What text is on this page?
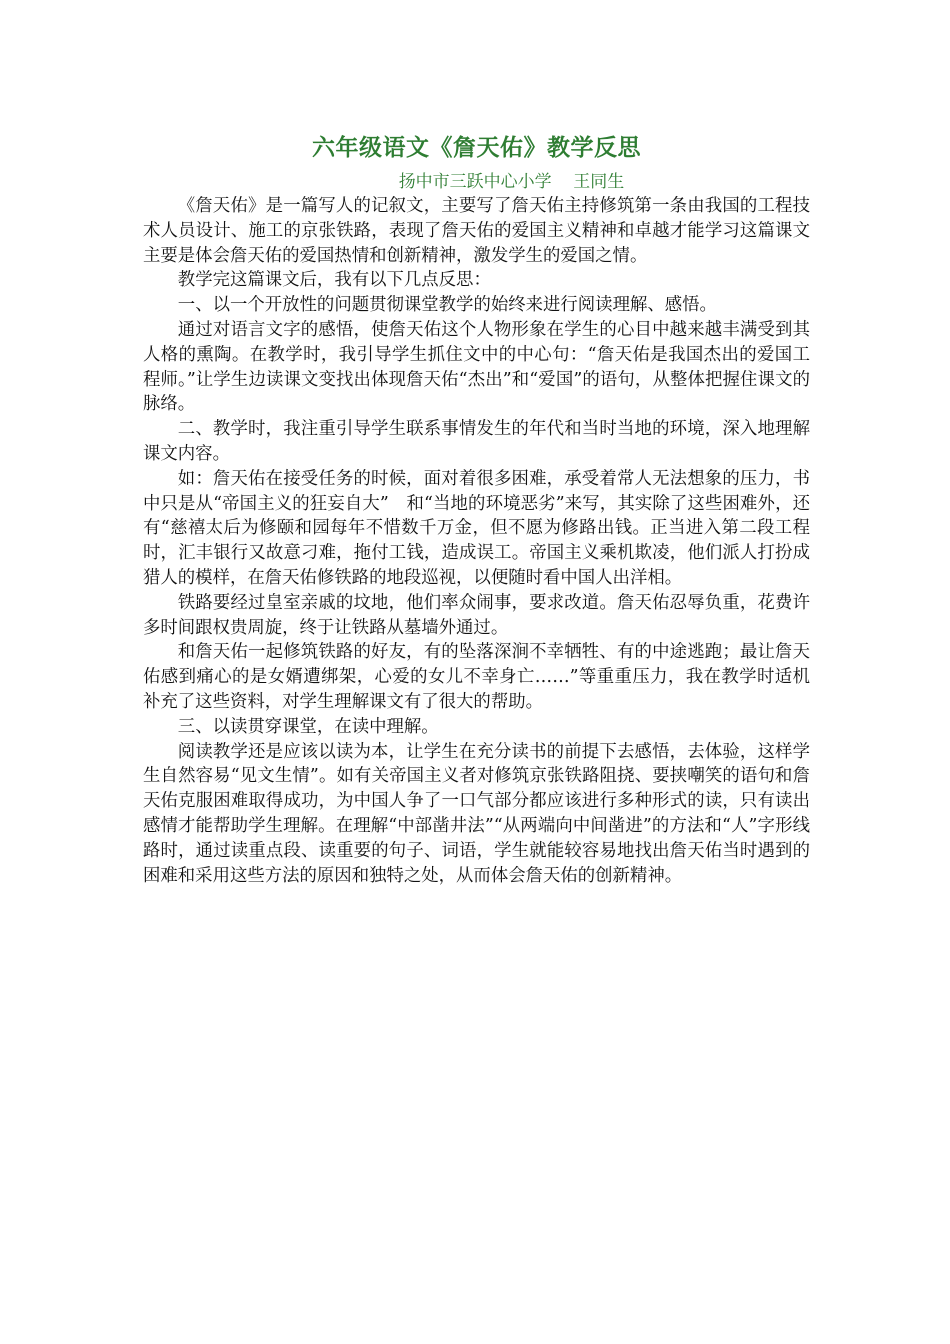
六年级语文《詹天佑》教学反思

扬中市三跃中心小学    王同生

《詹天佑》是一篇写人的记叙文，主要写了詹天佑主持修筑第一条由我国的工程技术人员设计、施工的京张铁路，表现了詹天佑的爱国主义精神和卓越才能学习这篇课文主要是体会詹天佑的爱国热情和创新精神，激发学生的爱国之情。

教学完这篇课文后，我有以下几点反思：

一、以一个开放性的问题贯彻课堂教学的始终来进行阅读理解、感悟。

通过对语言文字的感悟，使詹天佑这个人物形象在学生的心目中越来越丰满受到其人格的熏陶。在教学时，我引导学生抓住文中的中心句：“詹天佑是我国杰出的爱国工程师。”让学生边读课文变找出体现詹天佑“杰出”和“爱国”的语句，从整体把握住课文的脉络。

二、教学时，我注重引导学生联系事情发生的年代和当时当地的环境，深入地理解课文内容。

如：詹天佑在接受任务的时候，面对着很多困难，承受着常人无法想象的压力，书中只是从“帝国主义的狂妄自大”　和“当地的环境恶劣”来写，其实除了这些困难外，还有“慈禧太后为修颐和园每年不惜数千万金，但不愿为修路出钱。正当进入第二段工程时，汇丰银行又故意刁难，拖付工钱，造成误工。帝国主义乘机欺凌，他们派人打扮成猎人的模样，在詹天佑修铁路的地段巡视，以便随时看中国人出洋相。

铁路要经过皇室亲戚的坟地，他们率众闹事，要求改道。詹天佑忍辱负重，花费许多时间跟权贵周旋，终于让铁路从墓墙外通过。

和詹天佑一起修筑铁路的好友，有的坠落深涧不幸牺牲、有的中途逃跑；最让詹天佑感到痛心的是女婿遭绑架，心爱的女儿不幸身亡……”等重重压力，我在教学时适机补充了这些资料，对学生理解课文有了很大的帮助。

三、以读贯穿课堂，在读中理解。

阅读教学还是应该以读为本，让学生在充分读书的前提下去感悟，去体验，这样学生自然容易“见文生情”。如有关帝国主义者对修筑京张铁路阻挠、要挟嘲笑的语句和詹天佑克服困难取得成功，为中国人争了一口气部分都应该进行多种形式的读，只有读出感情才能帮助学生理解。在理解“中部凿井法”“从两端向中间凿进”的方法和“人”字形线路时，通过读重点段、读重要的句子、词语，学生就能较容易地找出詹天佑当时遇到的困难和采用这些方法的原因和独特之处，从而体会詹天佑的创新精神。
